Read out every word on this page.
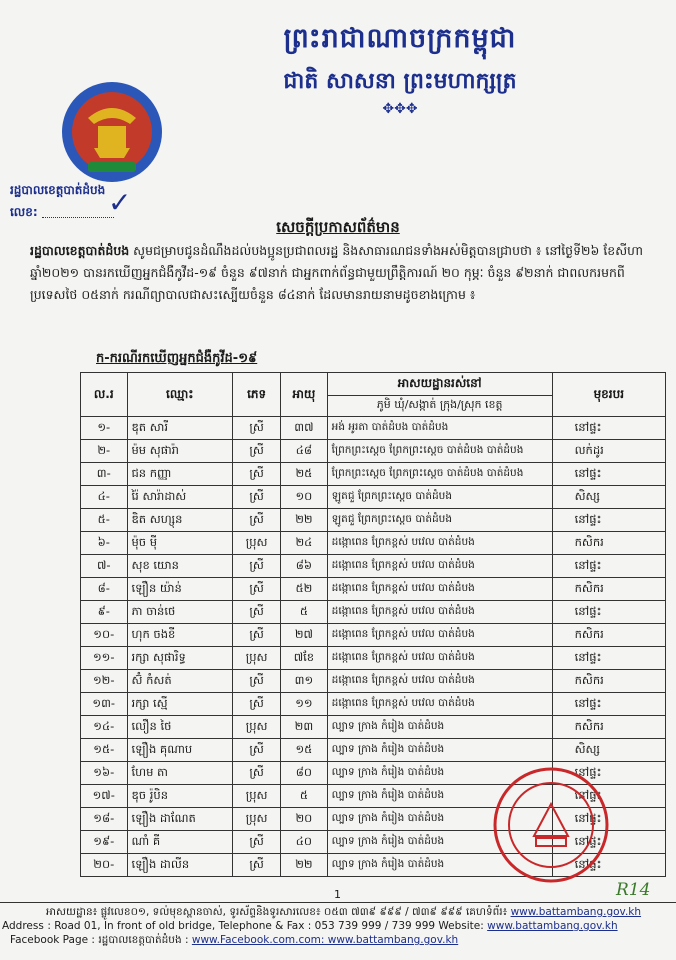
ព្រះរាជាណាចក្រកម្ពុជា
ជាតិ សាសនា ព្រះមហាក្សត្រ
✥✥✥
រដ្ឋបាលខេត្តបាត់ដំបង
លេខ:	✓
សេចក្ដីប្រកាសព័ត៌មាន
រដ្ឋបាលខេត្តបាត់ដំបង សូមជម្រាបជូនដំណឹងដល់បងប្អូនប្រជាពលរដ្ឋ និងសាធារណជនទាំងអស់មិត្តបានជ្រាបថា ៖ នៅថ្ងៃទី២៦ ខែសីហា ឆ្នាំ២០២១ បានរកឃើញអ្នកជំងឺកូវីដ-១៩ ចំនួន ៩៧នាក់ ជាអ្នកពាក់ព័ន្ធជាមួយព្រឹត្តិការណ៍ ២០ កុម្ភៈ ចំនួន ៩២នាក់ ជាពលករមកពីប្រទេសថៃ ០៥នាក់ ករណីព្យាបាលជាសះស្បើយចំនួន ៨៤នាក់ ដែលមានរាយនាមដូចខាងក្រោម ៖
ក-ករណីរកឃើញអ្នកជំងឺកូវីដ-១៩
ល.រ	ឈ្មោះ	ភេទ	អាយុ	អាសយដ្ឋានរស់នៅ	មុខរបរ
				ភូមិ ឃុំ/សង្កាត់ ក្រុង/ស្រុក ខេត្ត	
១-	ឌុត សារី	ស្រី	៣៧	អង់ អូរតា បាត់ដំបង បាត់ដំបង	នៅផ្ទះ
២-	ម៉ម សុផារ៉ា	ស្រី	៤៨	ព្រែកព្រះស្ដេច ព្រែកព្រះស្ដេច បាត់ដំបង បាត់ដំបង	លក់ដូរ
៣-	ជន កញ្ញា	ស្រី	២៥	ព្រែកព្រះស្ដេច ព្រែកព្រះស្ដេច បាត់ដំបង បាត់ដំបង	នៅផ្ទះ
៤-	រ៉ៃ សារ៉ាដាស់	ស្រី	១០	ឡូតជួ ព្រែកព្រះស្ដេច បាត់ដំបង	សិស្ស
៥-	ឌិត សហ្សុន	ស្រី	២២	ឡូតជួ ព្រែកព្រះស្ដេច បាត់ដំបង	នៅផ្ទះ
៦-	ម៉ុច ម៉ី	ប្រុស	២៤	ដង្កោពេន ព្រែកខ្ពស់ បវេល បាត់ដំបង	កសិករ
៧-	សុខ យោន	ស្រី	៨៦	ដង្កោពេន ព្រែកខ្ពស់ បវេល បាត់ដំបង	នៅផ្ទះ
៨-	ឡឿន យ៉ាន់	ស្រី	៥២	ដង្កោពេន ព្រែកខ្ពស់ បវេល បាត់ដំបង	កសិករ
៩-	ភា ចាន់ថេ	ស្រី	៥	ដង្កោពេន ព្រែកខ្ពស់ បវេល បាត់ដំបង	នៅផ្ទះ
១០-	ហុក ចងខី	ស្រី	២៧	ដង្កោពេន ព្រែកខ្ពស់ បវេល បាត់ដំបង	កសិករ
១១-	រក្សា សុផារិទ្ធ	ប្រុស	៧ខែ	ដង្កោពេន ព្រែកខ្ពស់ បវេល បាត់ដំបង	នៅផ្ទះ
១២-	ស៊ំ កំសត់	ស្រី	៣១	ដង្កោពេន ព្រែកខ្ពស់ បវេល បាត់ដំបង	កសិករ
១៣-	រក្សា ស្មើ	ស្រី	១១	ដង្កោពេន ព្រែកខ្ពស់ បវេល បាត់ដំបង	នៅផ្ទះ
១៤-	លឿន ថៃ	ប្រុស	២៣	ល្បាទ ក្រាង កំរៀង បាត់ដំបង	កសិករ
១៥-	ឡឿង គុណាប	ស្រី	១៥	ល្បាទ ក្រាង កំរៀង បាត់ដំបង	សិស្ស
១៦-	ហែម តា	ស្រី	៨០	ល្បាទ ក្រាង កំរៀង បាត់ដំបង	នៅផ្ទះ
១៧-	ឌុច រ៉ូបិន	ប្រុស	៥	ល្បាទ ក្រាង កំរៀង បាត់ដំបង	នៅផ្ទះ
១៨-	ឡឿង ដាណែត	ប្រុស	២០	ល្បាទ ក្រាង កំរៀង បាត់ដំបង	នៅផ្ទះ
១៩-	ណាំ គី	ស្រី	៤០	ល្បាទ ក្រាង កំរៀង បាត់ដំបង	នៅផ្ទះ
២០-	ឡឿង ដាលីន	ស្រី	២២	ល្បាទ ក្រាង កំរៀង បាត់ដំបង	នៅផ្ទះ
R14
1
អាសយដ្ឋាន៖ ផ្លូវលេខ០១, ទល់មុខស្ពានចាស់, ទូរស័ព្ទនិងទូរសារលេខ៖ ០៥៣ ៧៣៩ ៩៩៩ / ៧៣៩ ៩៩៩ គេហទំព័រ៖ www.battambang.gov.kh
Address : Road 01, In front of old bridge, Telephone & Fax : 053 739 999 / 739 999 Website: www.battambang.gov.kh
Facebook Page : រដ្ឋបាលខេត្តបាត់ដំបង : www.Facebook.com.com: www.battambang.gov.kh
